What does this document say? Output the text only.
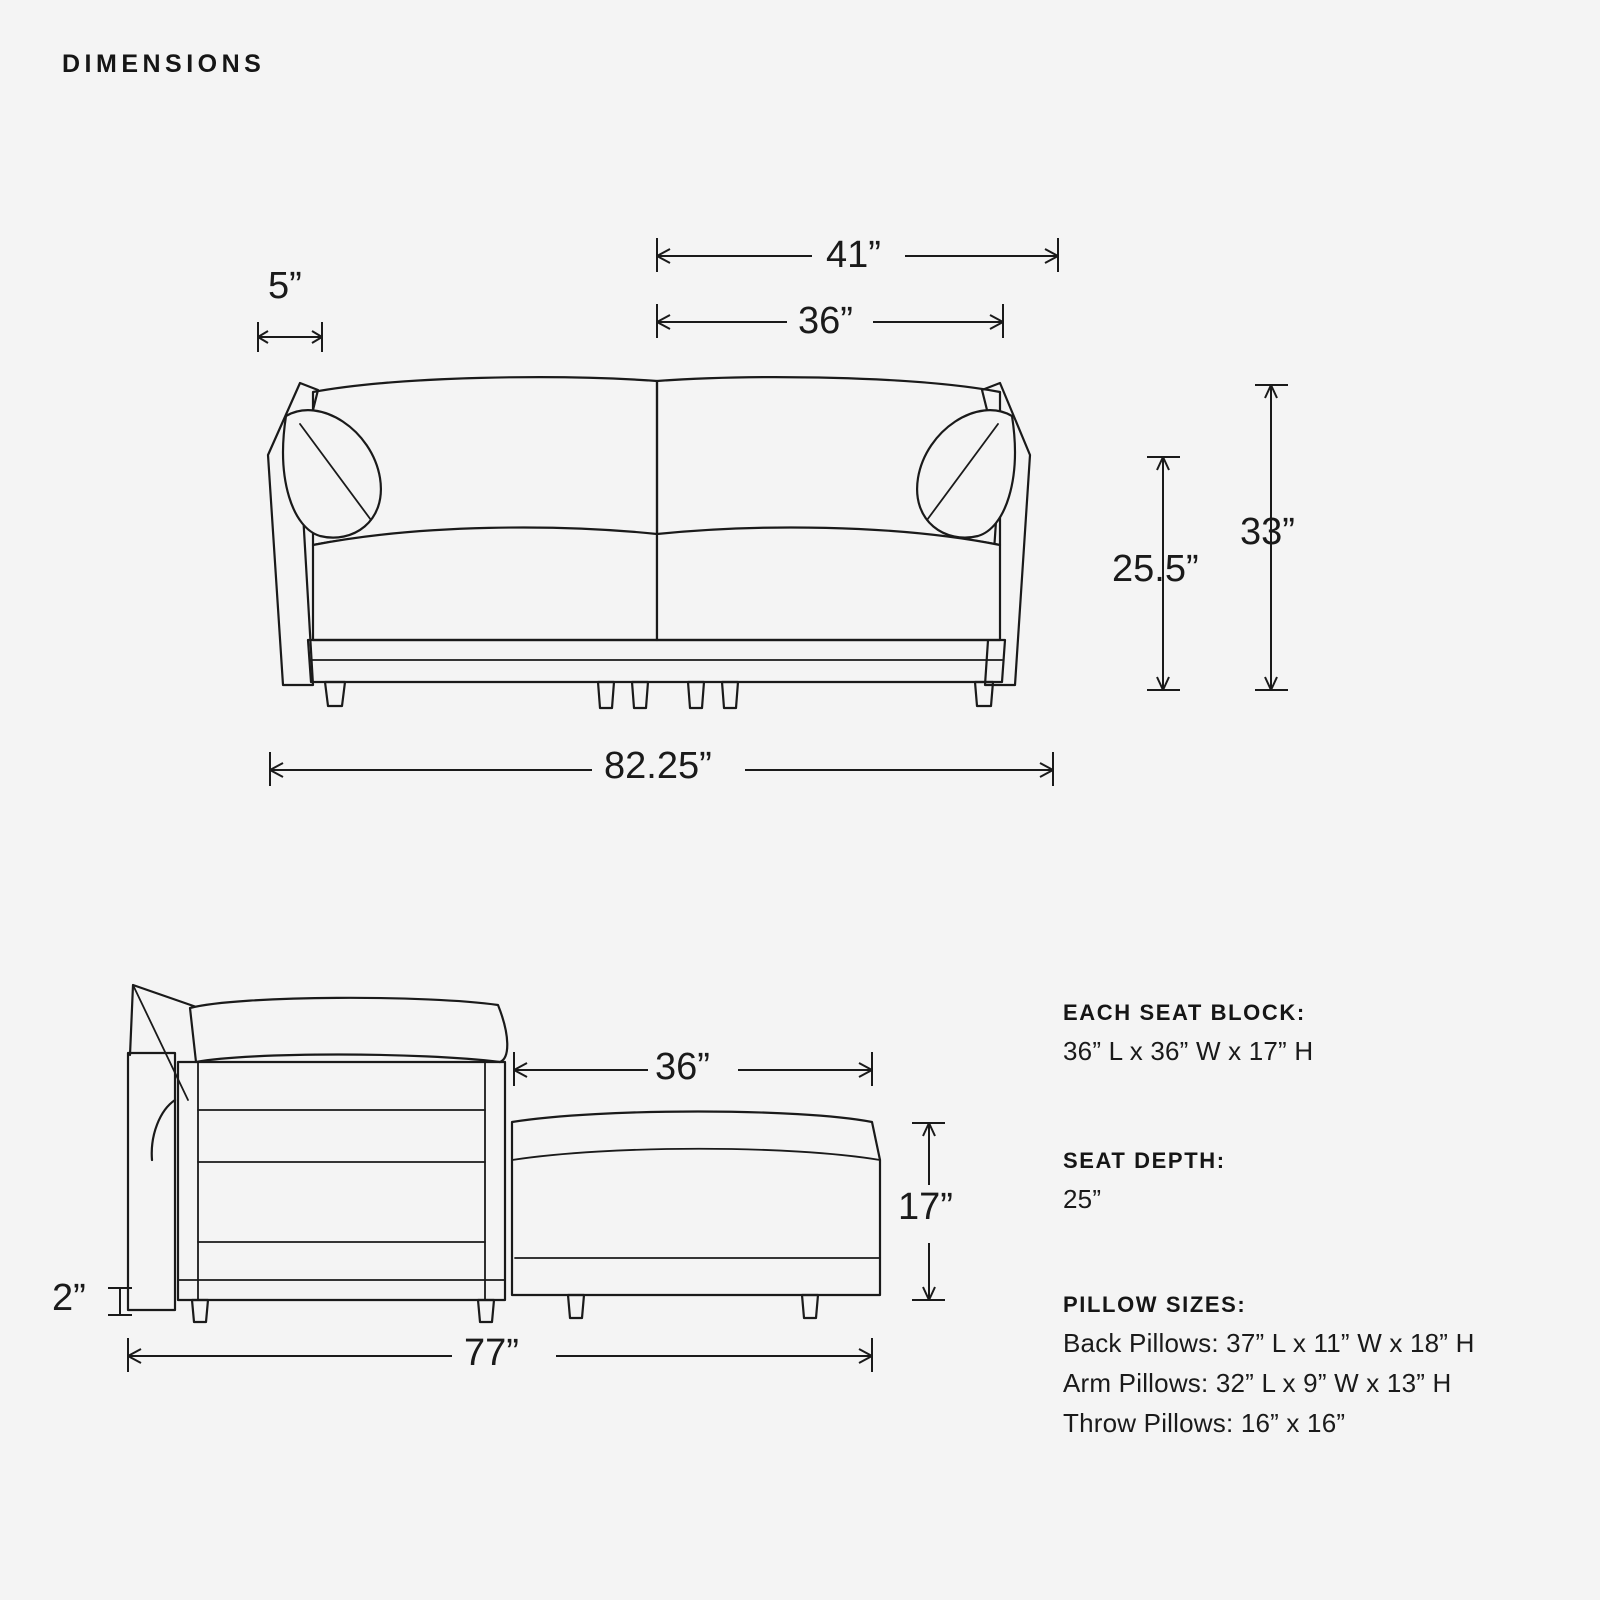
DIMENSIONS
5”
41”
36”
25.5”
33”
82.25”
2”
36”
17”
77”
EACH SEAT BLOCK:
36” L x 36” W x 17” H
SEAT DEPTH:
25”
PILLOW SIZES:
Back Pillows: 37” L x 11” W x 18” H
Arm Pillows: 32” L x 9” W x 13” H
Throw Pillows: 16” x 16”
